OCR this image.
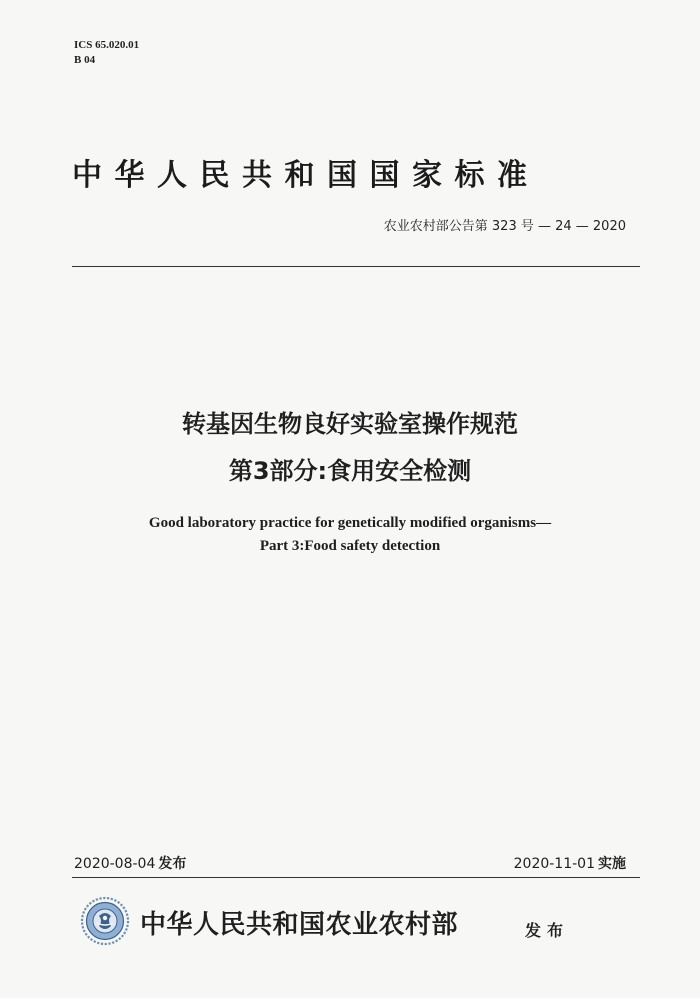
ICS 65.020.01
B 04
中华人民共和国国家标准
农业农村部公告第 323 号 — 24 — 2020
转基因生物良好实验室操作规范
第3部分:食用安全检测
Good laboratory practice for genetically modified organisms—
Part 3:Food safety detection
2020-08-04 发布	2020-11-01 实施
中华人民共和国农业农村部	发布
